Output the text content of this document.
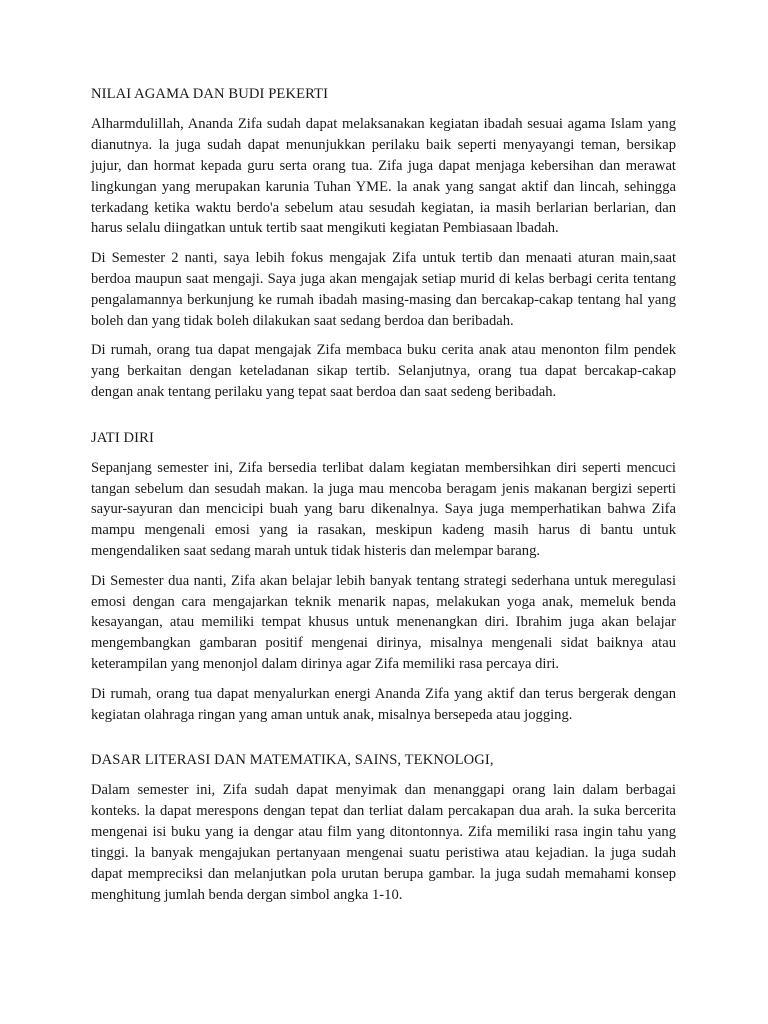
NILAI AGAMA DAN BUDI PEKERTI

Alharmdulillah, Ananda Zifa sudah dapat melaksanakan kegiatan ibadah sesuai agama Islam yang dianutnya. la juga sudah dapat menunjukkan perilaku baik seperti menyayangi teman, bersikap jujur, dan hormat kepada guru serta orang tua. Zifa juga dapat menjaga kebersihan dan merawat lingkungan yang merupakan karunia Tuhan YME. la anak yang sangat aktif dan lincah, sehingga terkadang ketika waktu berdo'a sebelum atau sesudah kegiatan, ia masih berlarian berlarian, dan harus selalu diingatkan untuk tertib saat mengikuti kegiatan Pembiasaan lbadah.

Di Semester 2 nanti, saya lebih fokus mengajak Zifa untuk tertib dan menaati aturan main,saat berdoa maupun saat mengaji. Saya juga akan mengajak setiap murid di kelas berbagi cerita tentang pengalamannya berkunjung ke rumah ibadah masing-masing dan bercakap-cakap tentang hal yang boleh dan yang tidak boleh dilakukan saat sedang berdoa dan beribadah.

Di rumah, orang tua dapat mengajak Zifa membaca buku cerita anak atau menonton film pendek yang berkaitan dengan keteladanan sikap tertib. Selanjutnya, orang tua dapat bercakap-cakap dengan anak tentang perilaku yang tepat saat berdoa dan saat sedeng beribadah.

JATI DIRI

Sepanjang semester ini, Zifa bersedia terlibat dalam kegiatan membersihkan diri seperti mencuci tangan sebelum dan sesudah makan. la juga mau mencoba beragam jenis makanan bergizi seperti sayur-sayuran dan mencicipi buah yang baru dikenalnya. Saya juga memperhatikan bahwa Zifa mampu mengenali emosi yang ia rasakan, meskipun kadeng masih harus di bantu untuk mengendaliken saat sedang marah untuk tidak histeris dan melempar barang.

Di Semester dua nanti, Zifa akan belajar lebih banyak tentang strategi sederhana untuk meregulasi emosi dengan cara mengajarkan teknik menarik napas, melakukan yoga anak, memeluk benda kesayangan, atau memiliki tempat khusus untuk menenangkan diri. Ibrahim juga akan belajar mengembangkan gambaran positif mengenai dirinya, misalnya mengenali sidat baiknya atau keterampilan yang menonjol dalam dirinya agar Zifa memiliki rasa percaya diri.

Di rumah, orang tua dapat menyalurkan energi Ananda Zifa yang aktif dan terus bergerak dengan kegiatan olahraga ringan yang aman untuk anak, misalnya bersepeda atau jogging.

DASAR LITERASI DAN MATEMATIKA, SAINS, TEKNOLOGI,

Dalam semester ini, Zifa sudah dapat menyimak dan menanggapi orang lain dalam berbagai konteks. la dapat merespons dengan tepat dan terliat dalam percakapan dua arah. la suka bercerita mengenai isi buku yang ia dengar atau film yang ditontonnya. Zifa memiliki rasa ingin tahu yang tinggi. la banyak mengajukan pertanyaan mengenai suatu peristiwa atau kejadian. la juga sudah dapat mempreciksi dan melanjutkan pola urutan berupa gambar. la juga sudah memahami konsep menghitung jumlah benda dergan simbol angka 1-10.
